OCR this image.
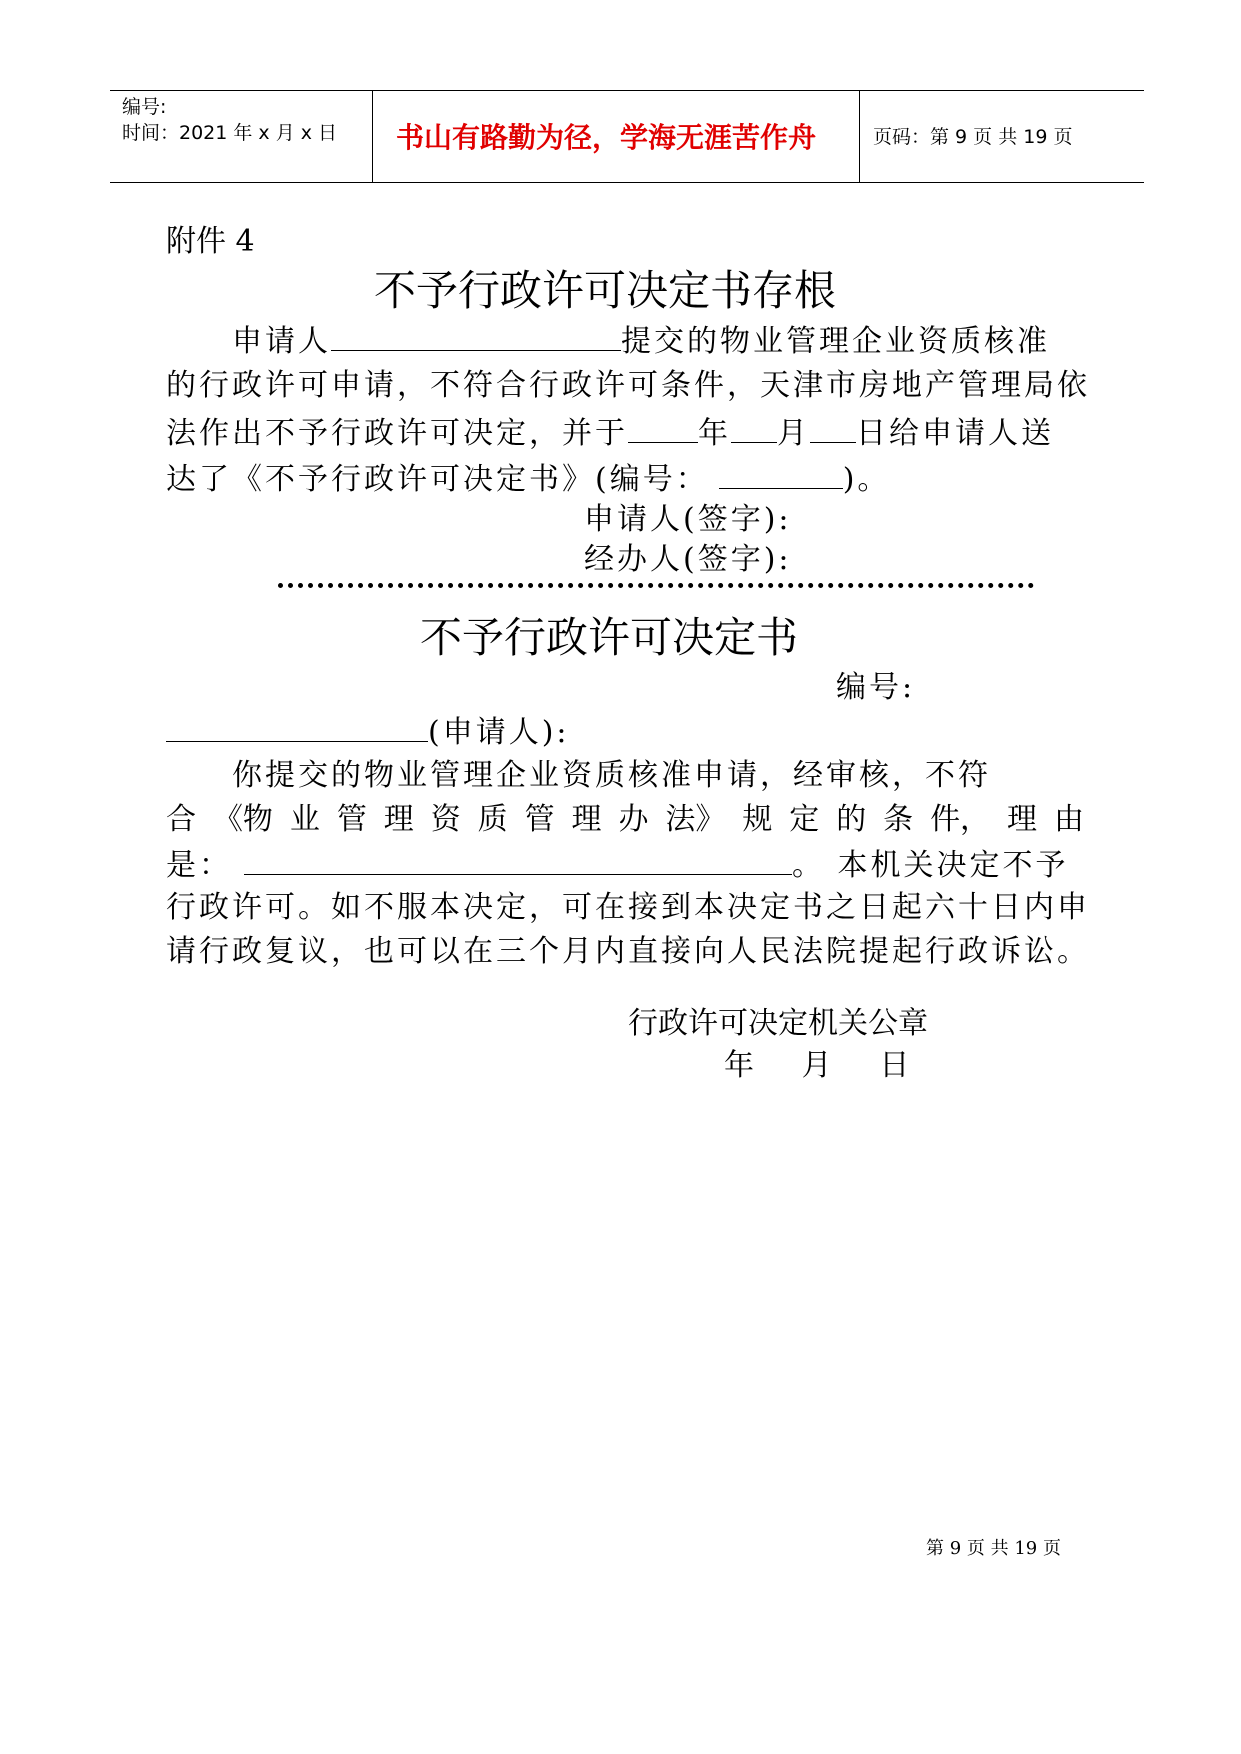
编号:
时间：2021 年 x 月 x 日 书山有路勤为径，学海无涯苦作舟	页码：第 9 页 共 19 页
附件 4
不予行政许可决定书存根
申请人	提交的物业管理企业资质核准
的行政许可申请，不符合行政许可条件，天津市房地产管理局依
法作出不予行政许可决定，并于 年 月 日给申请人送
达了《不予行政许可决定书》(编号：	)。
申请人(签字):
经办人(签字):
不予行政许可决定书
编号:
(申请人):
你提交的物业管理企业资质核准申请，经审核，不符
合 《物 业 管 理 资 质 管 理 办 法》 规 定 的 条 件， 理 由
是：	。 本机关决定不予
行政许可。如不服本决定，可在接到本决定书之日起六十日内申
请行政复议，也可以在三个月内直接向人民法院提起行政诉讼。
行政许可决定机关公章
年     月     日
第 9 页 共 19 页
